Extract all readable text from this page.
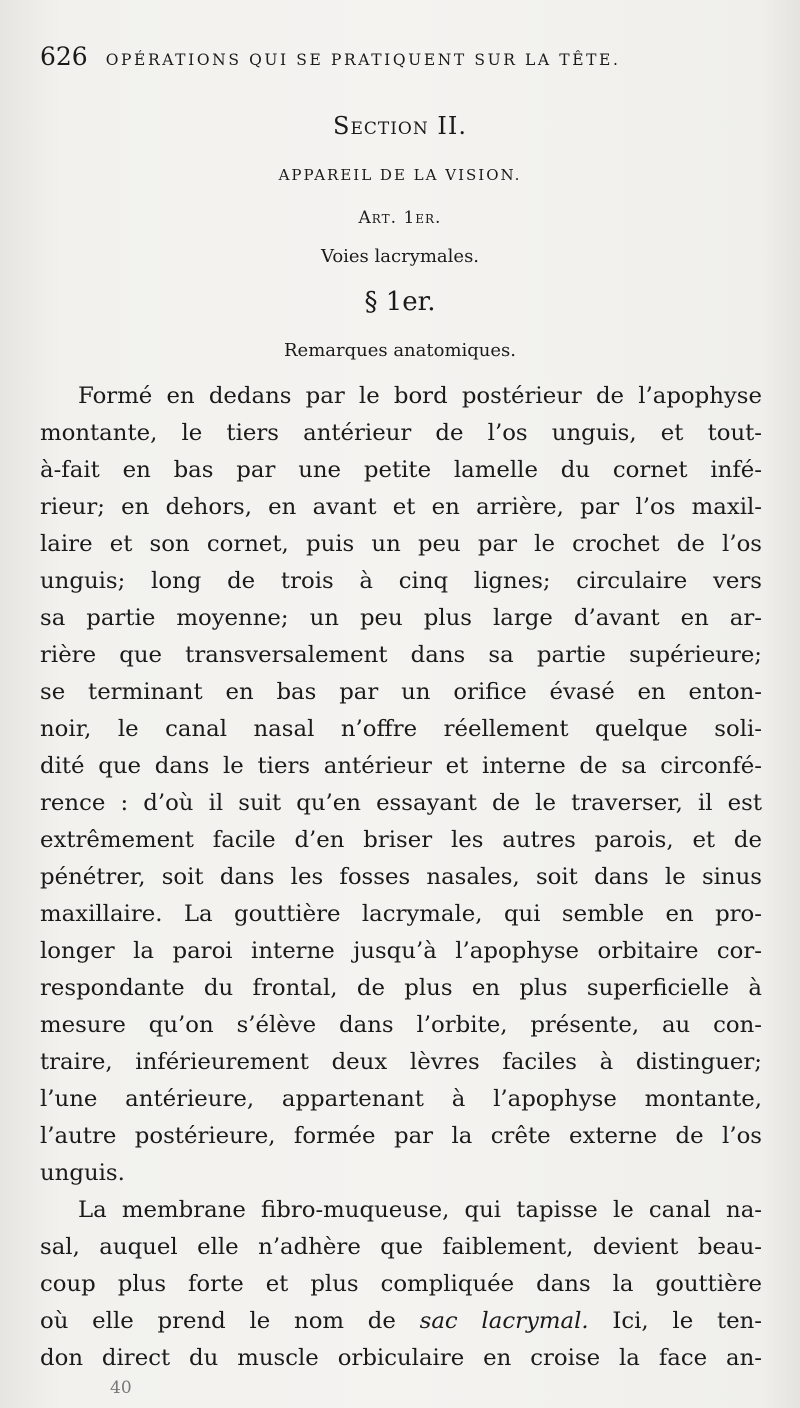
626 OPÉRATIONS QUI SE PRATIQUENT SUR LA TÊTE.
Section II.
APPAREIL DE LA VISION.
Art. 1er.
Voies lacrymales.
§ 1er.
Remarques anatomiques.
Formé en dedans par le bord postérieur de l’apophyse
montante, le tiers antérieur de l’os unguis, et tout-
à-fait en bas par une petite lamelle du cornet infé-
rieur; en dehors, en avant et en arrière, par l’os maxil-
laire et son cornet, puis un peu par le crochet de l’os
unguis; long de trois à cinq lignes; circulaire vers
sa partie moyenne; un peu plus large d’avant en ar-
rière que transversalement dans sa partie supérieure;
se terminant en bas par un orifice évasé en enton-
noir, le canal nasal n’offre réellement quelque soli-
dité que dans le tiers antérieur et interne de sa circonfé-
rence : d’où il suit qu’en essayant de le traverser, il est
extrêmement facile d’en briser les autres parois, et de
pénétrer, soit dans les fosses nasales, soit dans le sinus
maxillaire. La gouttière lacrymale, qui semble en pro-
longer la paroi interne jusqu’à l’apophyse orbitaire cor-
respondante du frontal, de plus en plus superficielle à
mesure qu’on s’élève dans l’orbite, présente, au con-
traire, inférieurement deux lèvres faciles à distinguer;
l’une antérieure, appartenant à l’apophyse montante,
l’autre postérieure, formée par la crête externe de l’os
unguis.
La membrane fibro-muqueuse, qui tapisse le canal na-
sal, auquel elle n’adhère que faiblement, devient beau-
coup plus forte et plus compliquée dans la gouttière
où elle prend le nom de sac lacrymal. Ici, le ten-
don direct du muscle orbiculaire en croise la face an-
40
